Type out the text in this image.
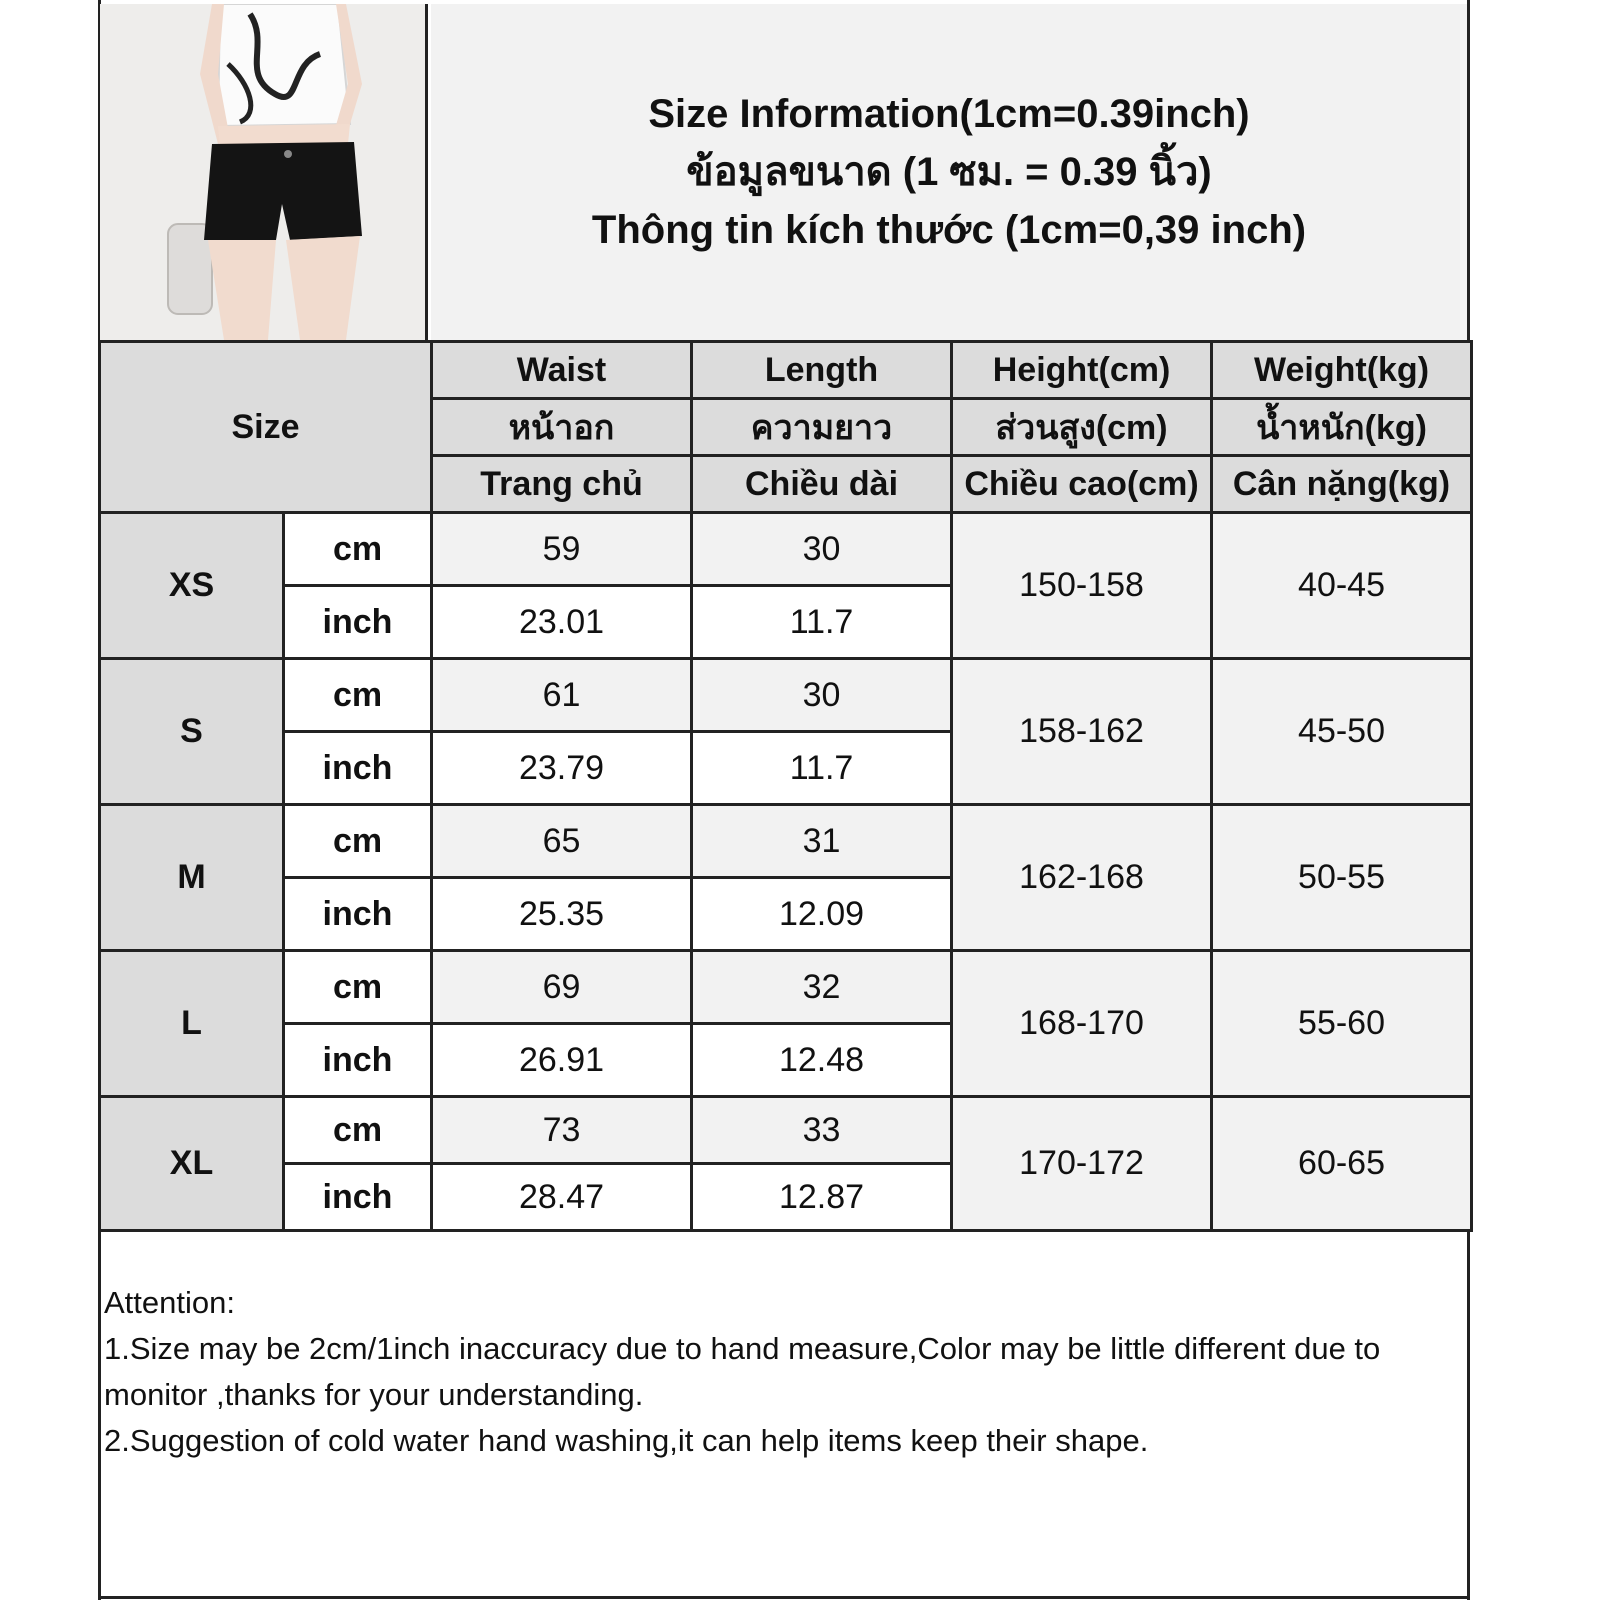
Size Information(1cm=0.39inch)
ข้อมูลขนาด (1 ซม. = 0.39 นิ้ว)
Thông tin kích thước (1cm=0,39 inch)
Size		Waist	Length	Height(cm)	Weight(kg)
		หน้าอก	ความยาว	ส่วนสูง(cm)	น้ำหนัก(kg)
		Trang chủ	Chiều dài	Chiều cao(cm)	Cân nặng(kg)
XS	cm	59	30	150-158	40-45
	inch	23.01	11.7		
S	cm	61	30	158-162	45-50
	inch	23.79	11.7		
M	cm	65	31	162-168	50-55
	inch	25.35	12.09		
L	cm	69	32	168-170	55-60
	inch	26.91	12.48		
XL	cm	73	33	170-172	60-65
	inch	28.47	12.87		
Attention:
1.Size may be 2cm/1inch inaccuracy due to hand measure,Color may be little different due to monitor ,thanks for your understanding.
2.Suggestion of cold water hand washing,it can help items keep their shape.
